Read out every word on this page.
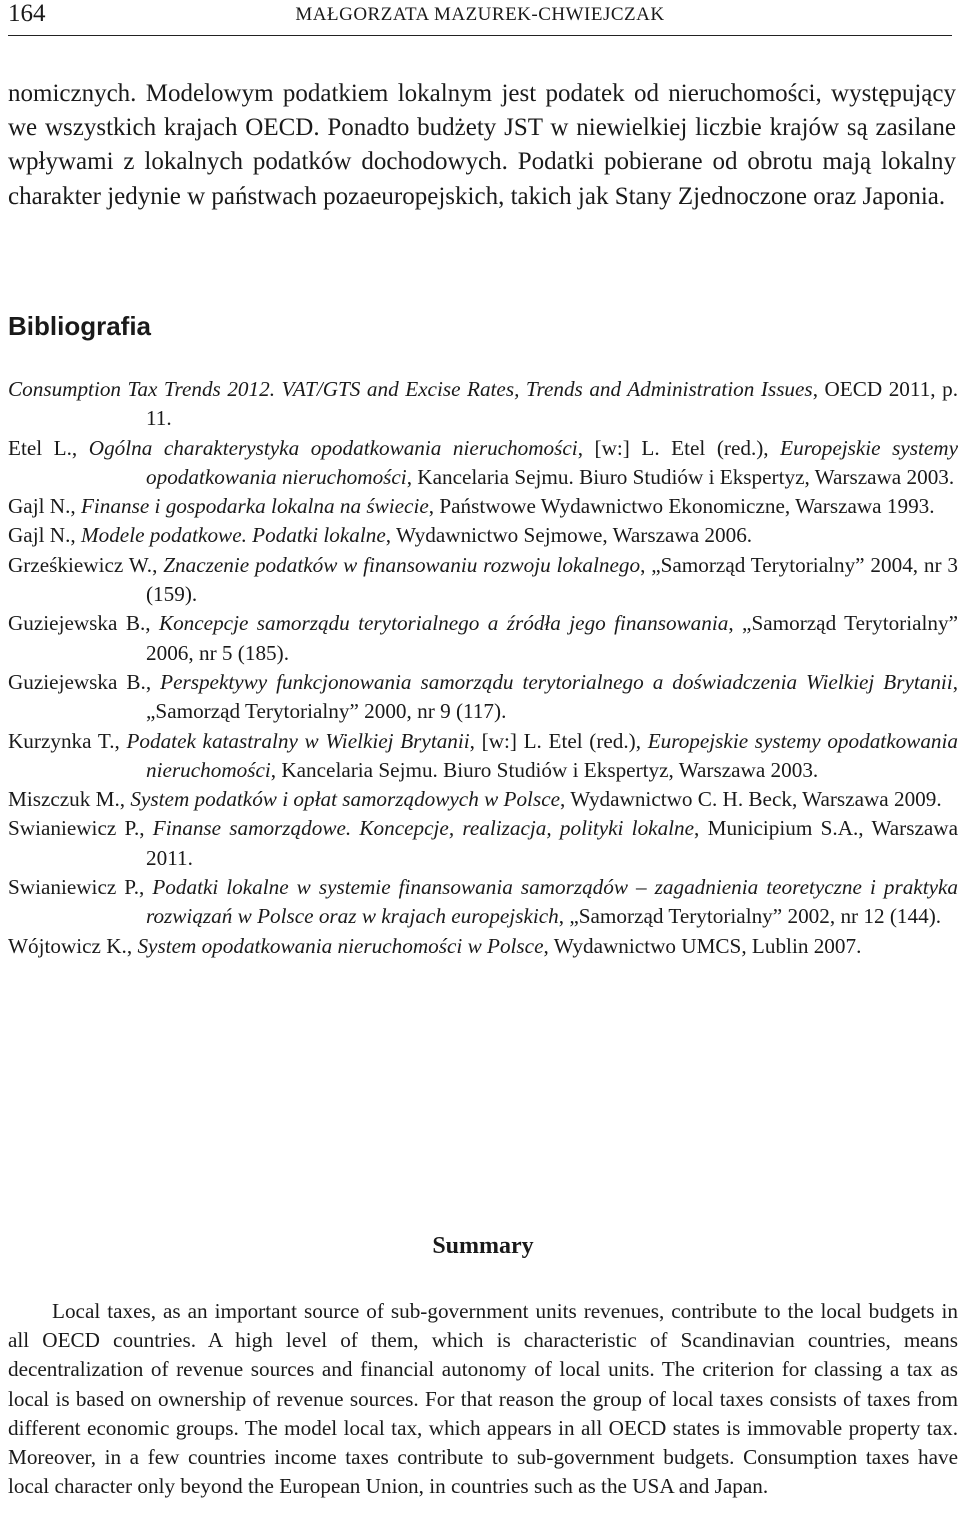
164	MAŁGORZATA MAZUREK-CHWIEJCZAK

nomicznych. Modelowym podatkiem lokalnym jest podatek od nieruchomości, występujący we wszystkich krajach OECD. Ponadto budżety JST w niewielkiej liczbie krajów są zasilane wpływami z lokalnych podatków dochodowych. Podatki pobierane od obrotu mają lokalny charakter jedynie w państwach pozaeuropejskich, takich jak Stany Zjednoczone oraz Japonia.

Bibliografia
Consumption Tax Trends 2012. VAT/GTS and Excise Rates, Trends and Administration Issues, OECD 2011, p. 11.
Etel L., Ogólna charakterystyka opodatkowania nieruchomości, [w:] L. Etel (red.), Europejskie systemy opodatkowania nieruchomości, Kancelaria Sejmu. Biuro Studiów i Ekspertyz, Warszawa 2003.
Gajl N., Finanse i gospodarka lokalna na świecie, Państwowe Wydawnictwo Ekonomiczne, Warszawa 1993.
Gajl N., Modele podatkowe. Podatki lokalne, Wydawnictwo Sejmowe, Warszawa 2006.
Grześkiewicz W., Znaczenie podatków w finansowaniu rozwoju lokalnego, „Samorząd Terytorialny” 2004, nr 3 (159).
Guziejewska B., Koncepcje samorządu terytorialnego a źródła jego finansowania, „Samorząd Terytorialny” 2006, nr 5 (185).
Guziejewska B., Perspektywy funkcjonowania samorządu terytorialnego a doświadczenia Wielkiej Brytanii, „Samorząd Terytorialny” 2000, nr 9 (117).
Kurzynka T., Podatek katastralny w Wielkiej Brytanii, [w:] L. Etel (red.), Europejskie systemy opodatkowania nieruchomości, Kancelaria Sejmu. Biuro Studiów i Ekspertyz, Warszawa 2003.
Miszczuk M., System podatków i opłat samorządowych w Polsce, Wydawnictwo C. H. Beck, Warszawa 2009.
Swianiewicz P., Finanse samorządowe. Koncepcje, realizacja, polityki lokalne, Municipium S.A., Warszawa 2011.
Swianiewicz P., Podatki lokalne w systemie finansowania samorządów – zagadnienia teoretyczne i praktyka rozwiązań w Polsce oraz w krajach europejskich, „Samorząd Terytorialny” 2002, nr 12 (144).
Wójtowicz K., System opodatkowania nieruchomości w Polsce, Wydawnictwo UMCS, Lublin 2007.
Summary

Local taxes, as an important source of sub-government units revenues, contribute to the local budgets in all OECD countries. A high level of them, which is characteristic of Scandinavian countries, means decentralization of revenue sources and financial autonomy of local units. The criterion for classing a tax as local is based on ownership of revenue sources. For that reason the group of local taxes consists of taxes from different economic groups. The model local tax, which appears in all OECD states is immovable property tax. Moreover, in a few countries income taxes contribute to sub-government budgets. Consumption taxes have local character only beyond the European Union, in countries such as the USA and Japan.
